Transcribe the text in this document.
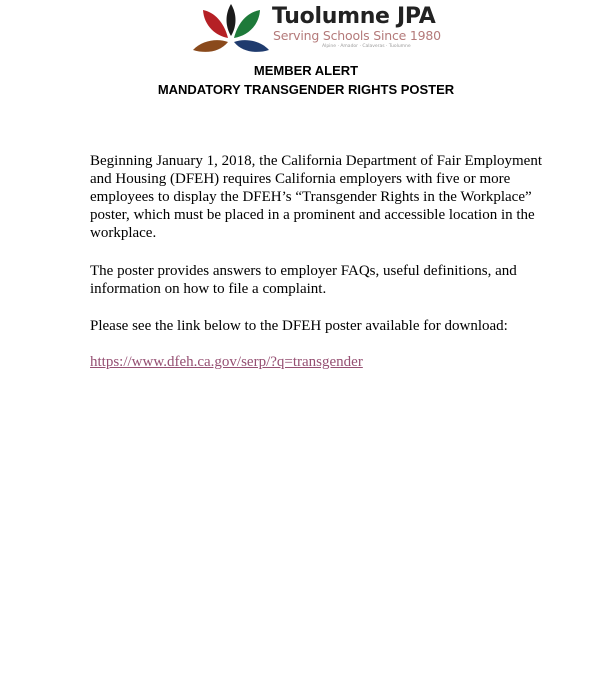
Tuolumne JPA
Serving Schools Since 1980
Alpine · Amador · Calaveras · Tuolumne
MEMBER ALERT
MANDATORY TRANSGENDER RIGHTS POSTER

Beginning January 1, 2018, the California Department of Fair Employment and Housing (DFEH) requires California employers with five or more employees to display the DFEH’s “Transgender Rights in the Workplace” poster, which must be placed in a prominent and accessible location in the workplace.

The poster provides answers to employer FAQs, useful definitions, and information on how to file a complaint.

Please see the link below to the DFEH poster available for download:

https://www.dfeh.ca.gov/serp/?q=transgender
